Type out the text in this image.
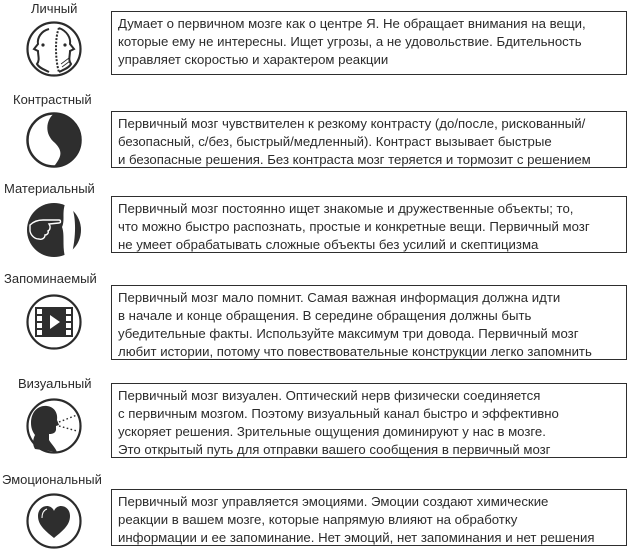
Личный
Думает о первичном мозге как о центре Я. Не обращает внимания на вещи,
которые ему не интересны. Ищет угрозы, а не удовольствие. Бдительность
управляет скоростью и характером реакции
Контрастный
Первичный мозг чувствителен к резкому контрасту (до/после, рискованный/
безопасный, с/без, быстрый/медленный). Контраст вызывает быстрые
и безопасные решения. Без контраста мозг теряется и тормозит с решением
Материальный
Первичный мозг постоянно ищет знакомые и дружественные объекты; то,
что можно быстро распознать, простые и конкретные вещи. Первичный мозг
не умеет обрабатывать сложные объекты без усилий и скептицизма
Запоминаемый
Первичный мозг мало помнит. Самая важная информация должна идти
в начале и конце обращения. В середине обращения должны быть
убедительные факты. Используйте максимум три довода. Первичный мозг
любит истории, потому что повествовательные конструкции легко запомнить
Визуальный
Первичный мозг визуален. Оптический нерв физически соединяется
с первичным мозгом. Поэтому визуальный канал быстро и эффективно
ускоряет решения. Зрительные ощущения доминируют у нас в мозге.
Это открытый путь для отправки вашего сообщения в первичный мозг
Эмоциональный
Первичный мозг управляется эмоциями. Эмоции создают химические
реакции в вашем мозге, которые напрямую влияют на обработку
информации и ее запоминание. Нет эмоций, нет запоминания и нет решения
